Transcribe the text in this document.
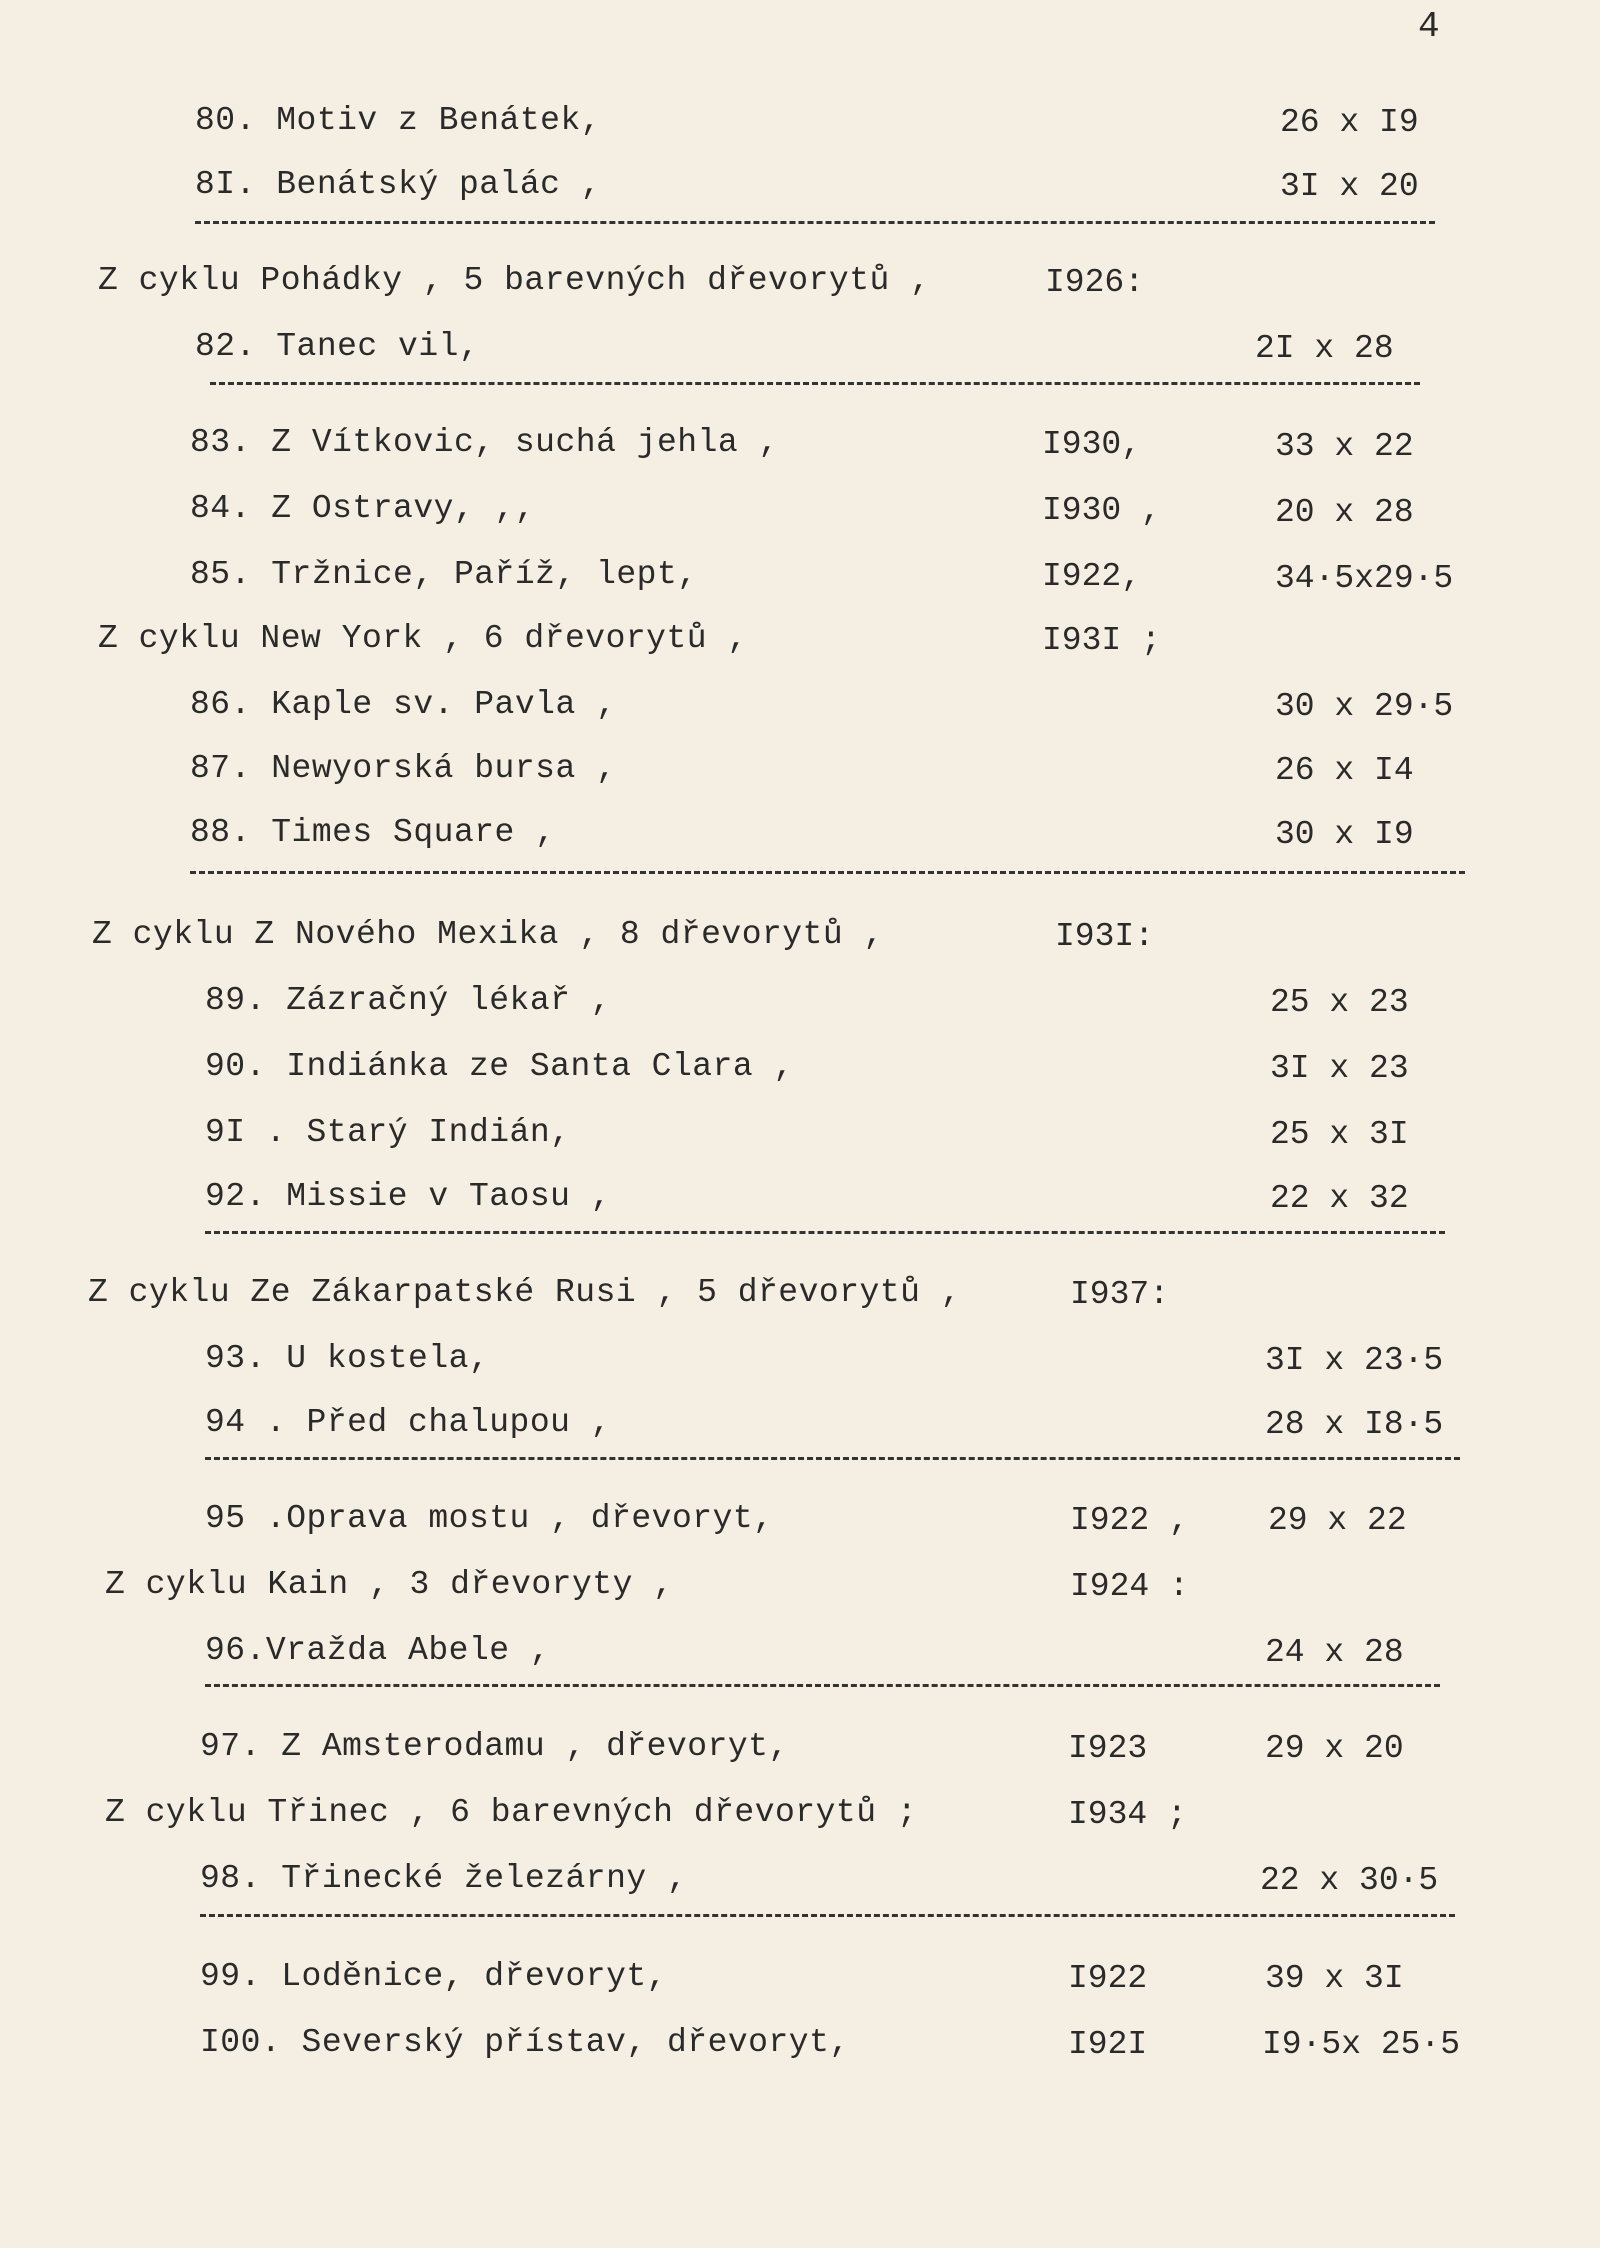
4
80. Motiv z Benátek,	26 x I9
8I. Benátský palác ,	3I x 20
Z cyklu Pohádky , 5 barevných dřevorytů ,	I926:
82. Tanec vil,	2I x 28
83. Z Vítkovic, suchá jehla ,	I930,	33 x 22
84. Z Ostravy, ,,	I930 ,	20 x 28
85. Tržnice, Paříž, lept,	I922,	34·5x29·5
Z cyklu New York , 6 dřevorytů ,	I93I ;
86. Kaple sv. Pavla ,	30 x 29·5
87. Newyorská bursa ,	26 x I4
88. Times Square ,	30 x I9
Z cyklu Z Nového Mexika , 8 dřevorytů ,	I93I:
89. Zázračný lékař ,	25 x 23
90. Indiánka ze Santa Clara ,	3I x 23
9I . Starý Indián,	25 x 3I
92. Missie v Taosu ,	22 x 32
Z cyklu Ze Zákarpatské Rusi , 5 dřevorytů ,	I937:
93. U kostela,	3I x 23·5
94 . Před chalupou ,	28 x I8·5
95 .Oprava mostu , dřevoryt,	I922 , 29 x 22
Z cyklu Kain , 3 dřevoryty ,	I924 :
96.Vražda Abele ,	24 x 28
97. Z Amsterodamu , dřevoryt,	I923	29 x 20
Z cyklu Třinec , 6 barevných dřevorytů ;	I934 ;
98. Třinecké železárny ,	22 x 30·5
99. Loděnice, dřevoryt,	I922	39 x 3I
I00. Severský přístav, dřevoryt,	I92I	I9·5x 25·5
